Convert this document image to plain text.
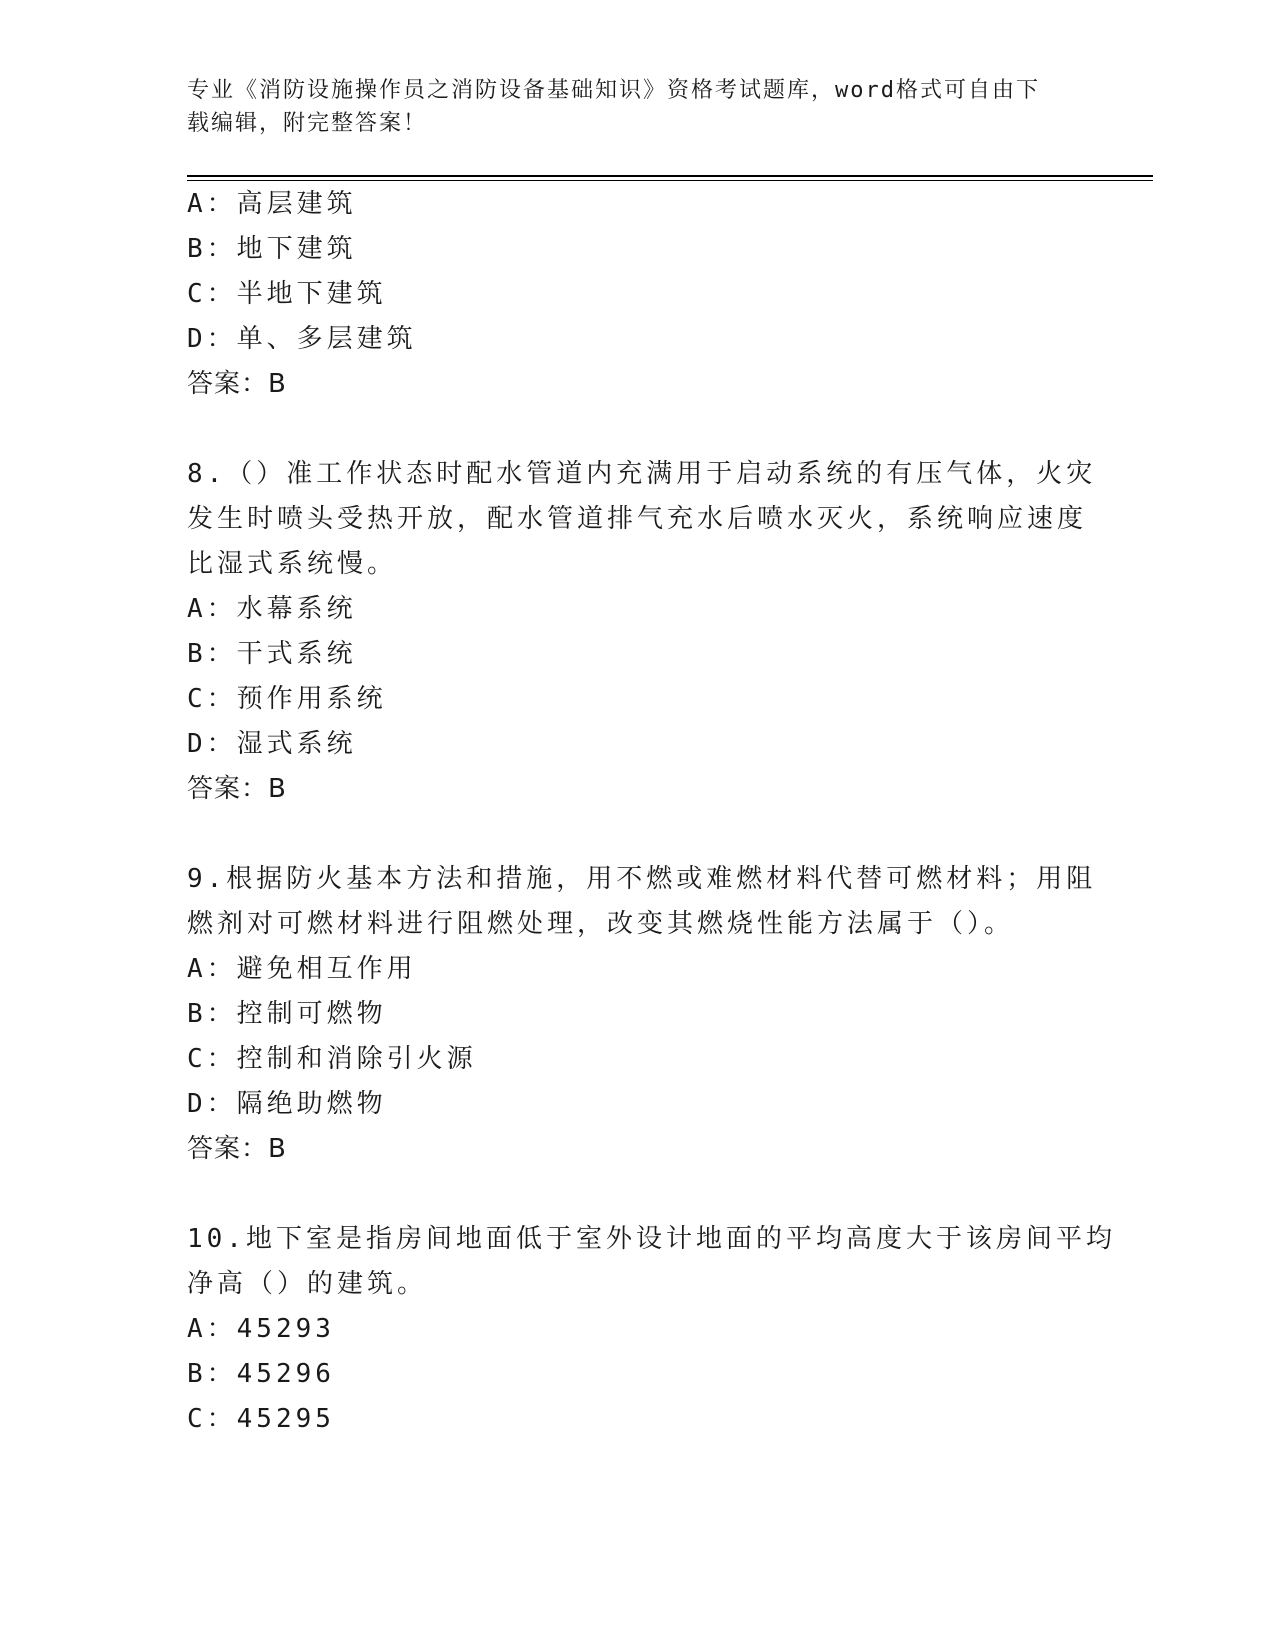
专业《消防设施操作员之消防设备基础知识》资格考试题库，word格式可自由下
载编辑，附完整答案！
A：高层建筑
B：地下建筑
C：半地下建筑
D：单、多层建筑
答案：B
8.（）准工作状态时配水管道内充满用于启动系统的有压气体，火灾
发生时喷头受热开放，配水管道排气充水后喷水灭火，系统响应速度
比湿式系统慢。
A：水幕系统
B：干式系统
C：预作用系统
D：湿式系统
答案：B
9.根据防火基本方法和措施，用不燃或难燃材料代替可燃材料；用阻
燃剂对可燃材料进行阻燃处理，改变其燃烧性能方法属于（）。
A：避免相互作用
B：控制可燃物
C：控制和消除引火源
D：隔绝助燃物
答案：B
10.地下室是指房间地面低于室外设计地面的平均高度大于该房间平均
净高（）的建筑。
A：45293
B：45296
C：45295
